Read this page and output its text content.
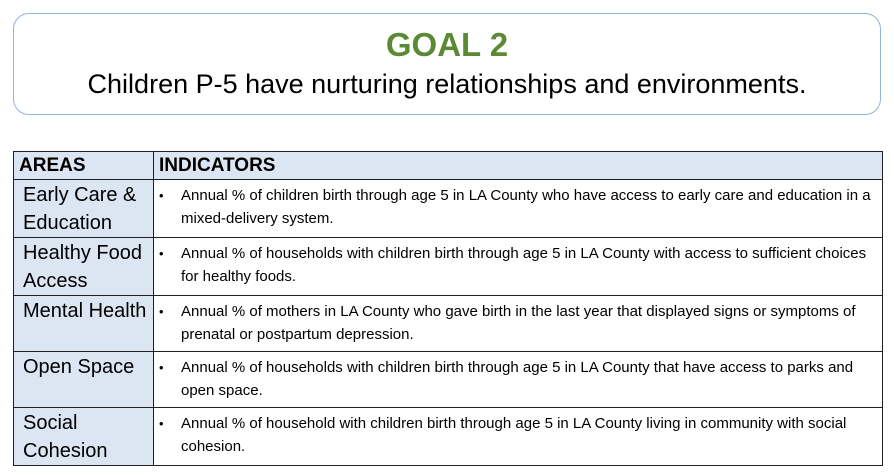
GOAL 2
Children P-5 have nurturing relationships and environments.
AREAS	INDICATORS
Early Care & Education	• Annual % of children birth through age 5 in LA County who have access to early care and education in a mixed-delivery system.

Healthy Food Access	• Annual % of households with children birth through age 5 in LA County with access to sufficient choices for healthy foods.

Mental Health	• Annual % of mothers in LA County who gave birth in the last year that displayed signs or symptoms of prenatal or postpartum depression.

Open Space	• Annual % of households with children birth through age 5 in LA County that have access to parks and open space.

Social Cohesion	• Annual % of household with children birth through age 5 in LA County living in community with social cohesion.
